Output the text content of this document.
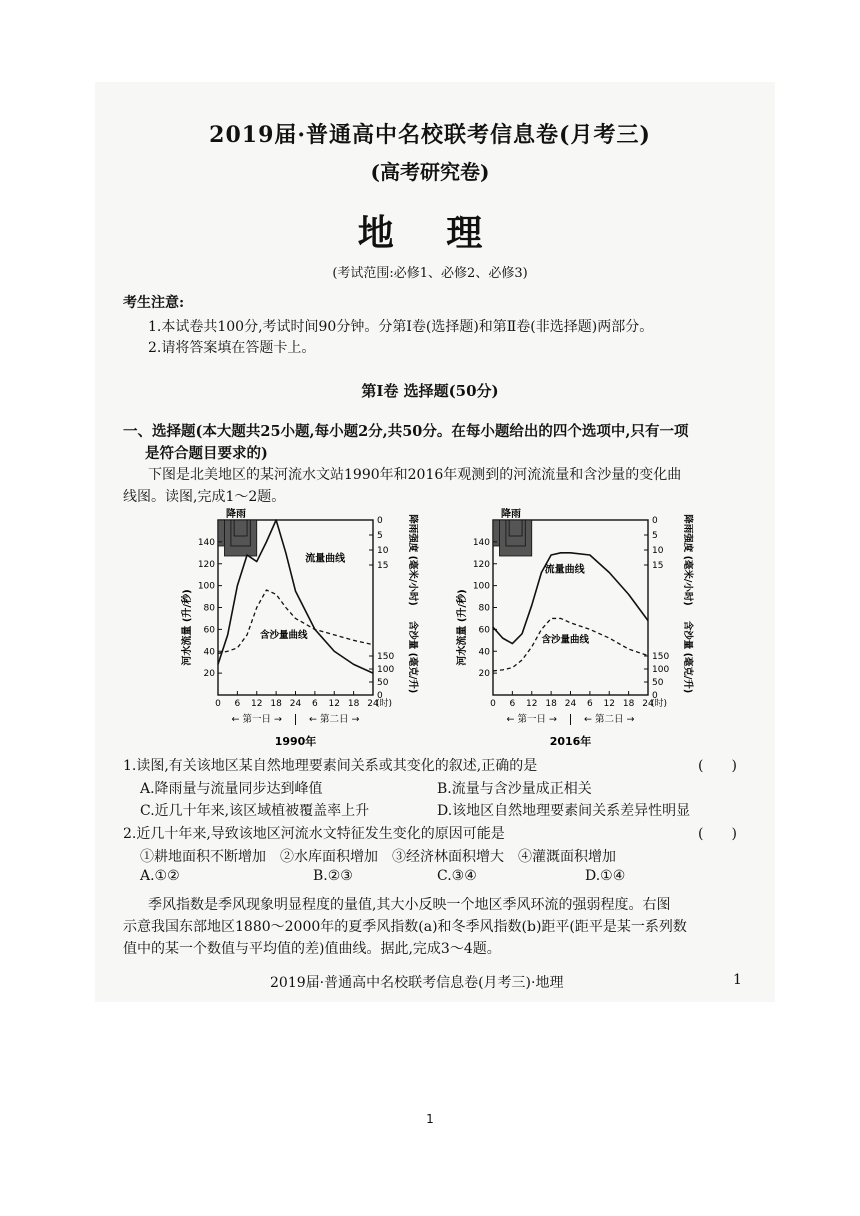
2019届·普通高中名校联考信息卷(月考三)
(高考研究卷)
地 理
(考试范围:必修1、必修2、必修3)
考生注意:
1.本试卷共100分,考试时间90分钟。分第Ⅰ卷(选择题)和第Ⅱ卷(非选择题)两部分。
2.请将答案填在答题卡上。
第Ⅰ卷 选择题(50分)
一、选择题(本大题共25小题,每小题2分,共50分。在每小题给出的四个选项中,只有一项
是符合题目要求的)
下图是北美地区的某河流水文站1990年和2016年观测到的河流流量和含沙量的变化曲
线图。读图,完成1～2题。
降雨
140
120
100
80
60
40
20
0
5
10
15
150
100
50
0
0 6 12 18 24 6 12 18 24
(时)
← 第一日 →	← 第二日 →
1990年
河水流量 (升/秒)
降雨强度 (毫米/小时)
含沙量 (毫克/升)
流量曲线
含沙量曲线
降雨
140
120
100
80
60
40
20
0
5
10
15
150
100
50
0
0 6 12 18 24 6 12 18 24
(时)
← 第一日 →	← 第二日 →
2016年
河水流量 (升/秒)
降雨强度 (毫米/小时)
含沙量 (毫克/升)
流量曲线
含沙量曲线
1.读图,有关该地区某自然地理要素间关系或其变化的叙述,正确的是	(　　)
A.降雨量与流量同步达到峰值	B.流量与含沙量成正相关
C.近几十年来,该区域植被覆盖率上升	D.该地区自然地理要素间关系差异性明显
2.近几十年来,导致该地区河流水文特征发生变化的原因可能是	(　　)
①耕地面积不断增加　②水库面积增加　③经济林面积增大　④灌溉面积增加
A.①②	B.②③	C.③④	D.①④
季风指数是季风现象明显程度的量值,其大小反映一个地区季风环流的强弱程度。右图
示意我国东部地区1880～2000年的夏季风指数(a)和冬季风指数(b)距平(距平是某一系列数
值中的某一个数值与平均值的差)值曲线。据此,完成3～4题。
2019届·普通高中名校联考信息卷(月考三)·地理	1
1
